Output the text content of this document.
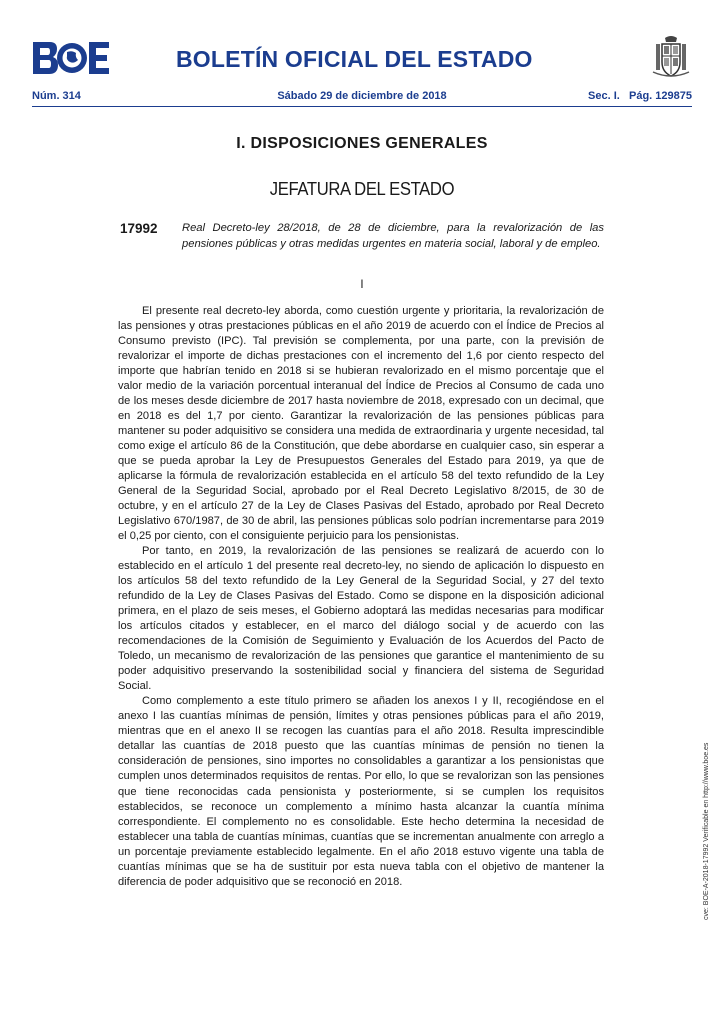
BOLETÍN OFICIAL DEL ESTADO
Núm. 314	Sábado 29 de diciembre de 2018	Sec. I.   Pág. 129875
I. DISPOSICIONES GENERALES
JEFATURA DEL ESTADO
17992 Real Decreto-ley 28/2018, de 28 de diciembre, para la revalorización de las pensiones públicas y otras medidas urgentes en materia social, laboral y de empleo.
I

El presente real decreto-ley aborda, como cuestión urgente y prioritaria, la revalorización de las pensiones y otras prestaciones públicas en el año 2019 de acuerdo con el Índice de Precios al Consumo previsto (IPC). Tal previsión se complementa, por una parte, con la previsión de revalorizar el importe de dichas prestaciones con el incremento del 1,6 por ciento respecto del importe que habrían tenido en 2018 si se hubieran revalorizado en el mismo porcentaje que el valor medio de la variación porcentual interanual del Índice de Precios al Consumo de cada uno de los meses desde diciembre de 2017 hasta noviembre de 2018, expresado con un decimal, que en 2018 es del 1,7 por ciento. Garantizar la revalorización de las pensiones públicas para mantener su poder adquisitivo se considera una medida de extraordinaria y urgente necesidad, tal como exige el artículo 86 de la Constitución, que debe abordarse en cualquier caso, sin esperar a que se pueda aprobar la Ley de Presupuestos Generales del Estado para 2019, ya que de aplicarse la fórmula de revalorización establecida en el artículo 58 del texto refundido de la Ley General de la Seguridad Social, aprobado por el Real Decreto Legislativo 8/2015, de 30 de octubre, y en el artículo 27 de la Ley de Clases Pasivas del Estado, aprobado por Real Decreto Legislativo 670/1987, de 30 de abril, las pensiones públicas solo podrían incrementarse para 2019 el 0,25 por ciento, con el consiguiente perjuicio para los pensionistas.

Por tanto, en 2019, la revalorización de las pensiones se realizará de acuerdo con lo establecido en el artículo 1 del presente real decreto-ley, no siendo de aplicación lo dispuesto en los artículos 58 del texto refundido de la Ley General de la Seguridad Social, y 27 del texto refundido de la Ley de Clases Pasivas del Estado. Como se dispone en la disposición adicional primera, en el plazo de seis meses, el Gobierno adoptará las medidas necesarias para modificar los artículos citados y establecer, en el marco del diálogo social y de acuerdo con las recomendaciones de la Comisión de Seguimiento y Evaluación de los Acuerdos del Pacto de Toledo, un mecanismo de revalorización de las pensiones que garantice el mantenimiento de su poder adquisitivo preservando la sostenibilidad social y financiera del sistema de Seguridad Social.

Como complemento a este título primero se añaden los anexos I y II, recogiéndose en el anexo I las cuantías mínimas de pensión, límites y otras pensiones públicas para el año 2019, mientras que en el anexo II se recogen las cuantías para el año 2018. Resulta imprescindible detallar las cuantías de 2018 puesto que las cuantías mínimas de pensión no tienen la consideración de pensiones, sino importes no consolidables a garantizar a los pensionistas que cumplen unos determinados requisitos de rentas. Por ello, lo que se revalorizan son las pensiones que tiene reconocidas cada pensionista y posteriormente, si se cumplen los requisitos establecidos, se reconoce un complemento a mínimo hasta alcanzar la cuantía mínima correspondiente. El complemento no es consolidable. Este hecho determina la necesidad de establecer una tabla de cuantías mínimas, cuantías que se incrementan anualmente con arreglo a un porcentaje previamente establecido legalmente. En el año 2018 estuvo vigente una tabla de cuantías mínimas que se ha de sustituir por esta nueva tabla con el objetivo de mantener la diferencia de poder adquisitivo que se reconoció en 2018.	cve: BOE-A-2018-17992 Verificable en http://www.boe.es
